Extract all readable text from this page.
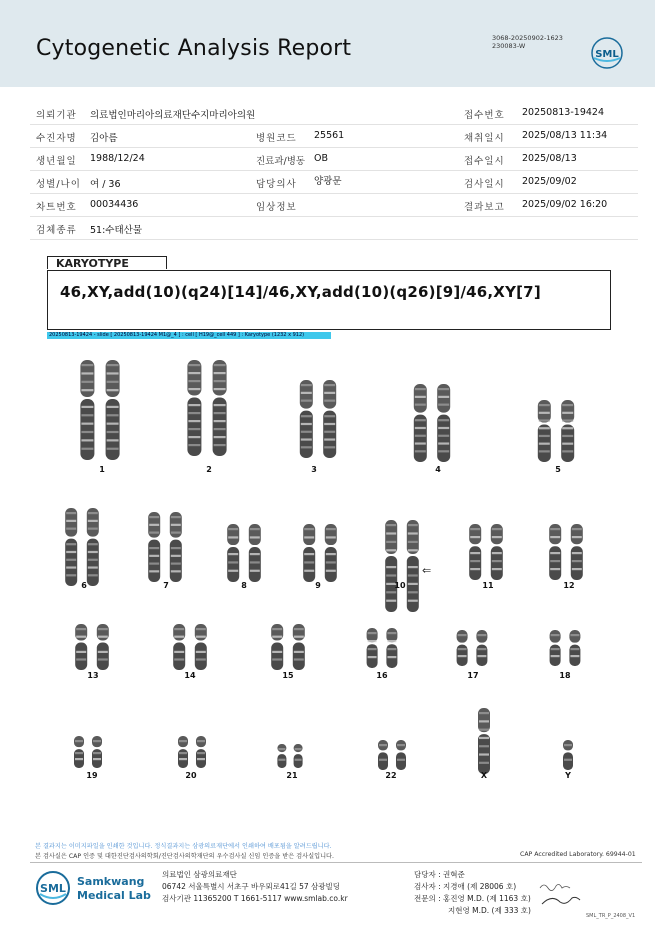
Cytogenetic Analysis Report	3068-20250902-1623
230083-W
SML
의뢰기관 의료법인마리아의료재단수지마리아의원	접수번호 20250813-19424
수진자명 김아름	병원코드 25561	채취일시 2025/08/13 11:34
생년월일 1988/12/24	진료과/병동 OB	접수일시 2025/08/13
성별/나이 여 / 36	담당의사 양광문	검사일시 2025/09/02
차트번호 00034436	임상정보	결과보고 2025/09/02 16:20
검체종류 51:수태산물
KARYOTYPE
46,XY,add(10)(q24)[14]/46,XY,add(10)(q26)[9]/46,XY[7]
20250813-19424 - slide [ 20250813-19424 M1@_4 ] : cell [ H19@_cell 449 ] : Karyotype (1232 x 912)
1	2	3	4	5
6	7	8	9	10	11	12
13	14	15	16	17	18
19	20	21	22	X	Y
⇐
본 결과지는 이미지파일을 인쇄한 것입니다. 정식결과지는 삼광의료재단에서 인쇄하여 배포됨을 알려드립니다.
본 검사실은 CAP 인증 및 대한진단검사의학회/진단검사의학재단의 우수검사실 신임 인증을 받은 검사실입니다.	CAP Accredited Laboratory. 69944-01
SML
Samkwang
Medical Lab
의료법인 삼광의료재단
06742 서울특별시 서초구 바우뫼로41길 57 삼광빌딩
검사기관 11365200 T 1661-5117 www.smlab.co.kr
담당자 : 권혁준
검사자 : 지경애 (제 28006 호)
전문의 : 홍진영 M.D. (제 1163 호)
지현영 M.D. (제 333 호)
SML_TR_P_2408_V1
